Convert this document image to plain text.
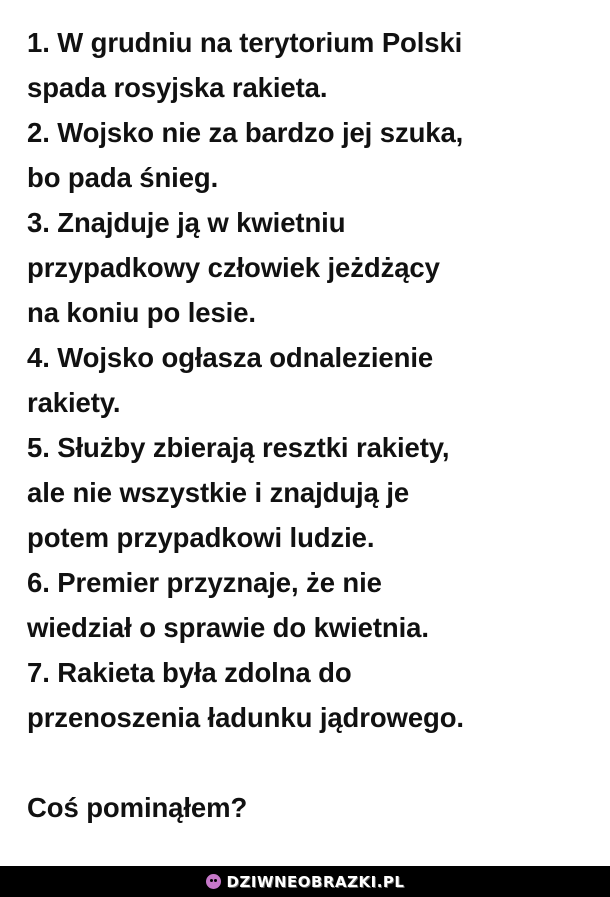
1. W grudniu na terytorium Polski
spada rosyjska rakieta.
2. Wojsko nie za bardzo jej szuka,
bo pada śnieg.
3. Znajduje ją w kwietniu
przypadkowy człowiek jeżdżący
na koniu po lesie.
4. Wojsko ogłasza odnalezienie
rakiety.
5. Służby zbierają resztki rakiety,
ale nie wszystkie i znajdują je
potem przypadkowi ludzie.
6. Premier przyznaje, że nie
wiedział o sprawie do kwietnia.
7. Rakieta była zdolna do
przenoszenia ładunku jądrowego.
Coś pominąłem?

DZIWNEOBRAZKI.PL
